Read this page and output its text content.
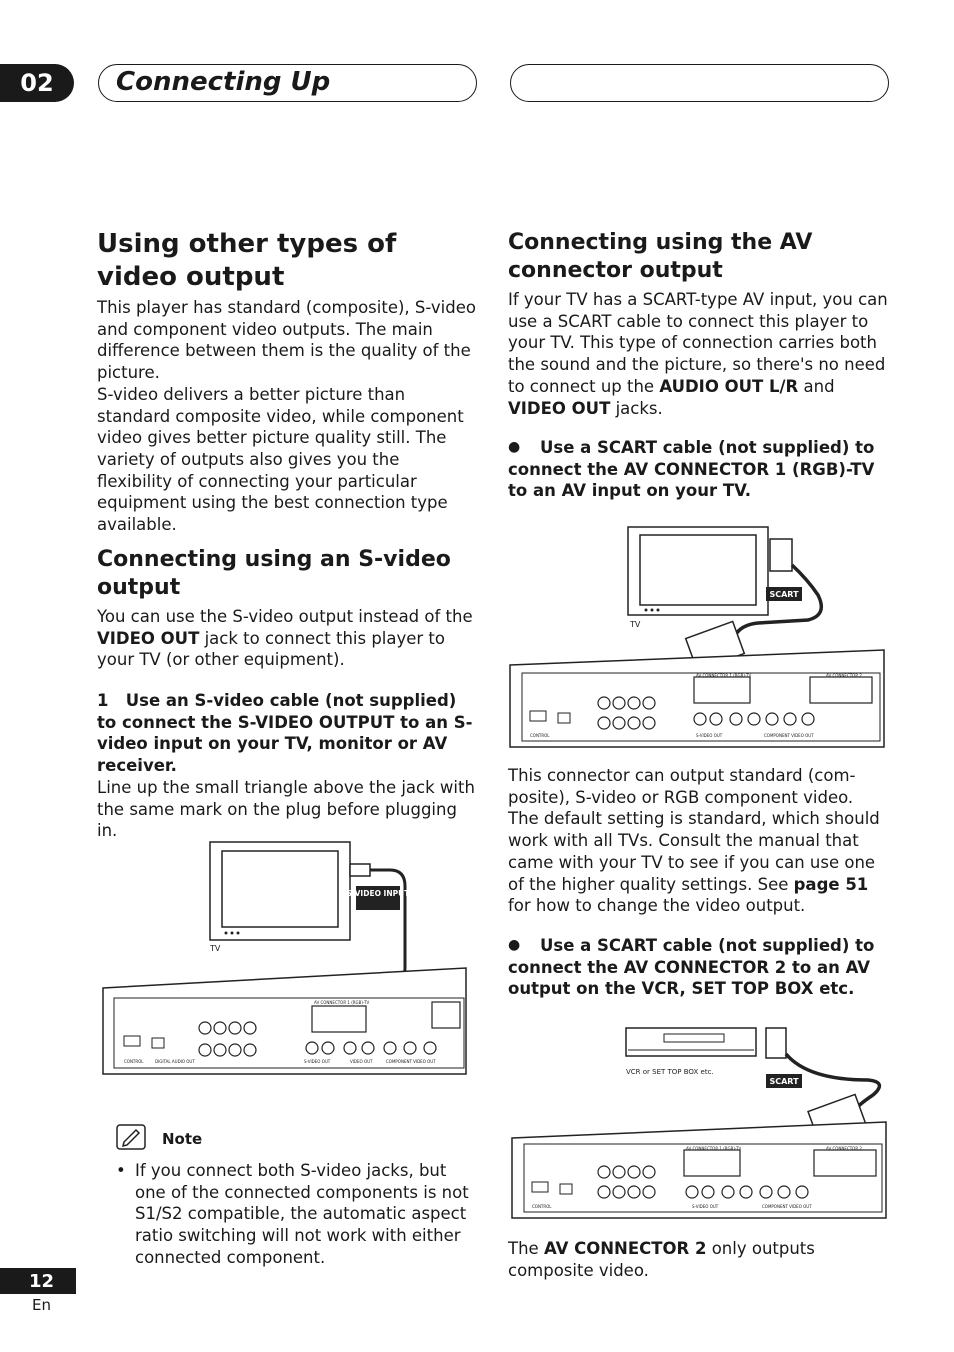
02	Connecting Up
Using other types of video output

This player has standard (composite), S-video and component video outputs. The main difference between them is the quality of the picture.
S-video delivers a better picture than standard composite video, while component video gives better picture quality still. The variety of outputs also gives you the flexibility of connecting your particular equipment using the best connection type available.

Connecting using an S-video output

You can use the S-video output instead of the VIDEO OUT jack to connect this player to your TV (or other equipment).

1 Use an S-video cable (not supplied) to connect the S-VIDEO OUTPUT to an S-video input on your TV, monitor or AV receiver.

Line up the small triangle above the jack with the same mark on the plug before plugging in.

TV
S-VIDEO INPUT
AV CONNECTOR 1 (RGB)-TV
CONTROL	DIGITAL AUDIO OUT	S-VIDEO OUT	VIDEO OUT	COMPONENT VIDEO OUT
Note
• If you connect both S-video jacks, but one of the connected components is not S1/S2 compatible, the automatic aspect ratio switching will not work with either connected component.

Connecting using the AV connector output

If your TV has a SCART-type AV input, you can use a SCART cable to connect this player to your TV. This type of connection carries both the sound and the picture, so there's no need to connect up the AUDIO OUT L/R and VIDEO OUT jacks.

●	Use a SCART cable (not supplied) to connect the AV CONNECTOR 1 (RGB)-TV to an AV input on your TV.

TV
SCART
AV CONNECTOR 1 (RGB)-TV	AV CONNECTOR 2
CONTROL	S-VIDEO OUT	COMPONENT VIDEO OUT

This connector can output standard (com-posite), S-video or RGB component video. The default setting is standard, which should work with all TVs. Consult the manual that came with your TV to see if you can use one of the higher quality settings. See page 51 for how to change the video output.

●	Use a SCART cable (not supplied) to connect the AV CONNECTOR 2 to an AV output on the VCR, SET TOP BOX etc.

VCR or SET TOP BOX etc.
SCART
AV CONNECTOR 1 (RGB)-TV	AV CONNECTOR 2
CONTROL	S-VIDEO OUT	COMPONENT VIDEO OUT

The AV CONNECTOR 2 only outputs composite video.

12
En
